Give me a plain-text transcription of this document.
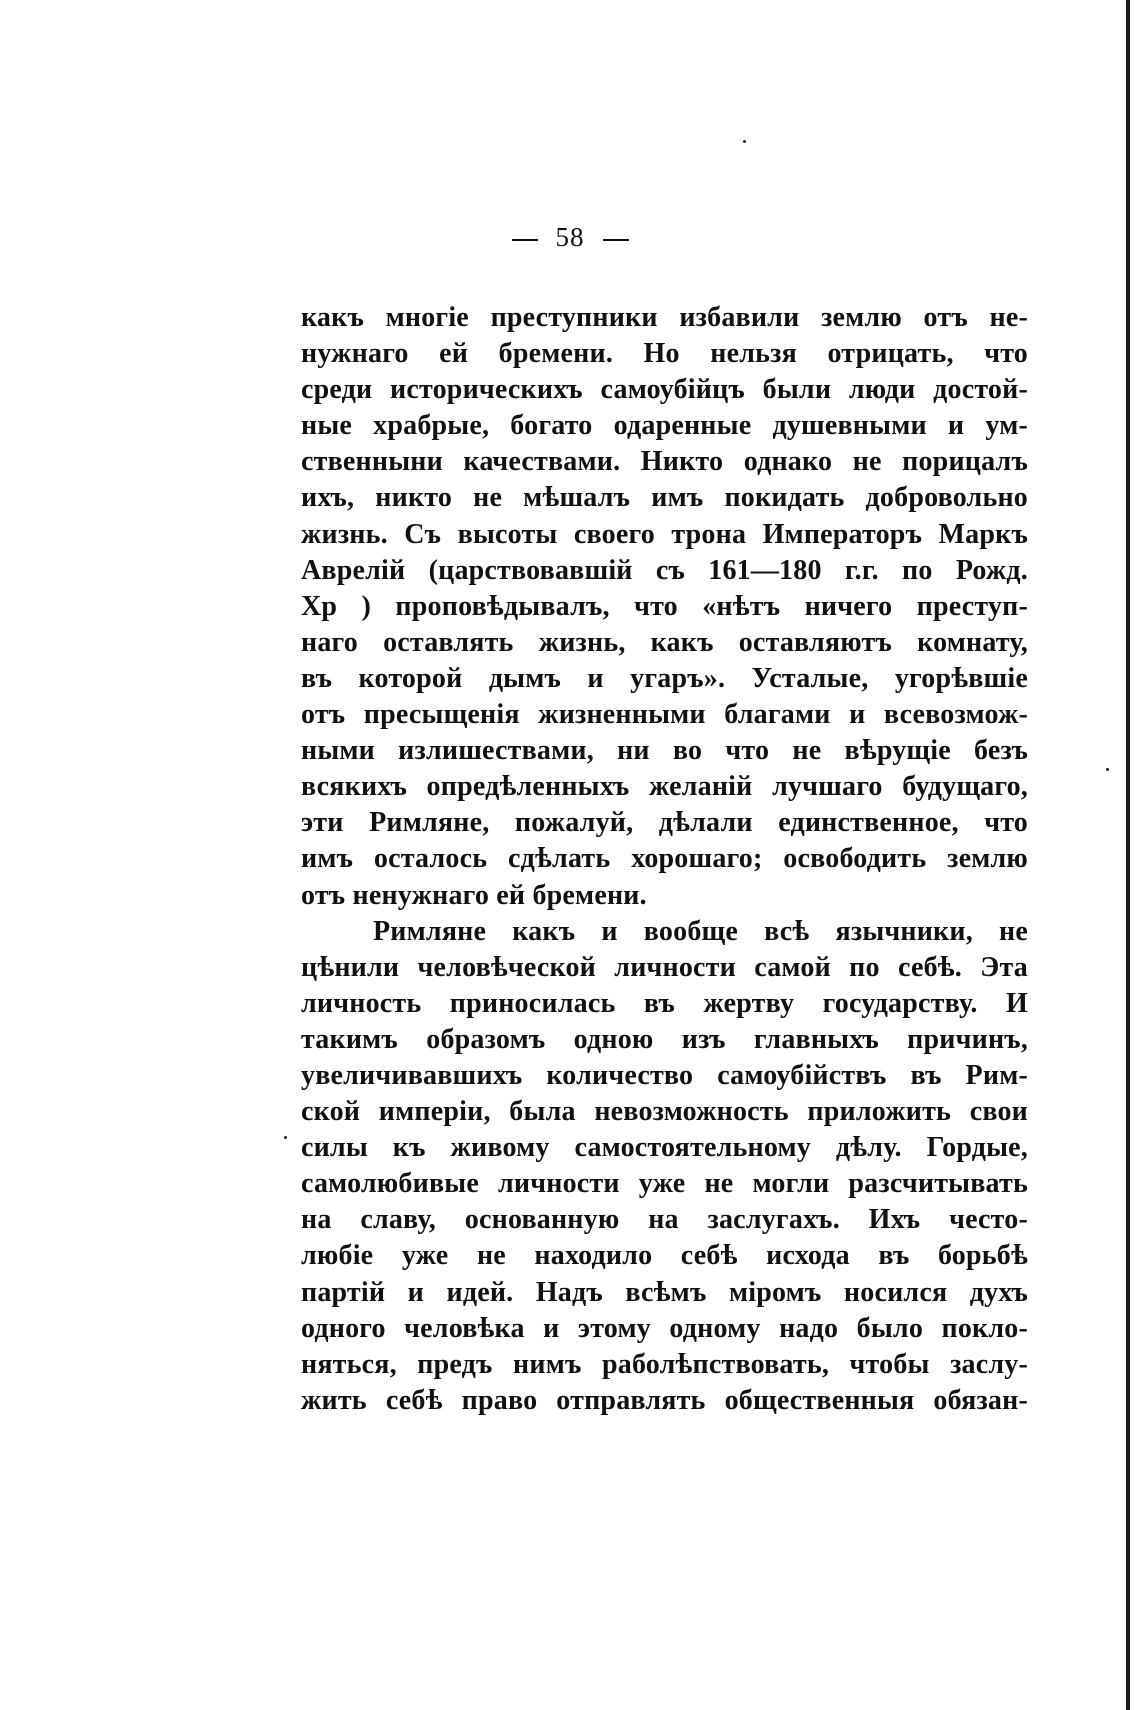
58
какъ многіе преступники избавили землю отъ не-
нужнаго ей бремени. Но нельзя отрицать, что
среди историческихъ самоубійцъ были люди достой-
ные храбрые, богато одаренные душевными и ум-
ственныни качествами. Никто однако не порицалъ
ихъ, никто не мѣшалъ имъ покидать добровольно
жизнь. Съ высоты своего трона Императоръ Маркъ
Аврелій (царствовавшій съ 161—180 г.г. по Рожд.
Хр ) проповѣдывалъ, что «нѣтъ ничего преступ-
наго оставлять жизнь, какъ оставляютъ комнату,
въ которой дымъ и угаръ». Усталые, угорѣвшіе
отъ пресыщенія жизненными благами и всевозмож-
ными излишествами, ни во что не вѣрущіе безъ
всякихъ опредѣленныхъ желаній лучшаго будущаго,
эти Римляне, пожалуй, дѣлали единственное, что
имъ осталось сдѣлать хорошаго; освободить землю
отъ ненужнаго ей бремени.
Римляне какъ и вообще всѣ язычники, не
цѣнили человѣческой личности самой по себѣ. Эта
личность приносилась въ жертву государству. И
такимъ образомъ одною изъ главныхъ причинъ,
увеличивавшихъ количество самоубійствъ въ Рим-
ской имперіи, была невозможность приложить свои
силы къ живому самостоятельному дѣлу. Гордые,
самолюбивые личности уже не могли разсчитывать
на славу, основанную на заслугахъ. Ихъ често-
любіе уже не находило себѣ исхода въ борьбѣ
партій и идей. Надъ всѣмъ міромъ носился духъ
одного человѣка и этому одному надо было покло-
няться, предъ нимъ раболѣпствовать, чтобы заслу-
жить себѣ право отправлять общественныя обязан-
